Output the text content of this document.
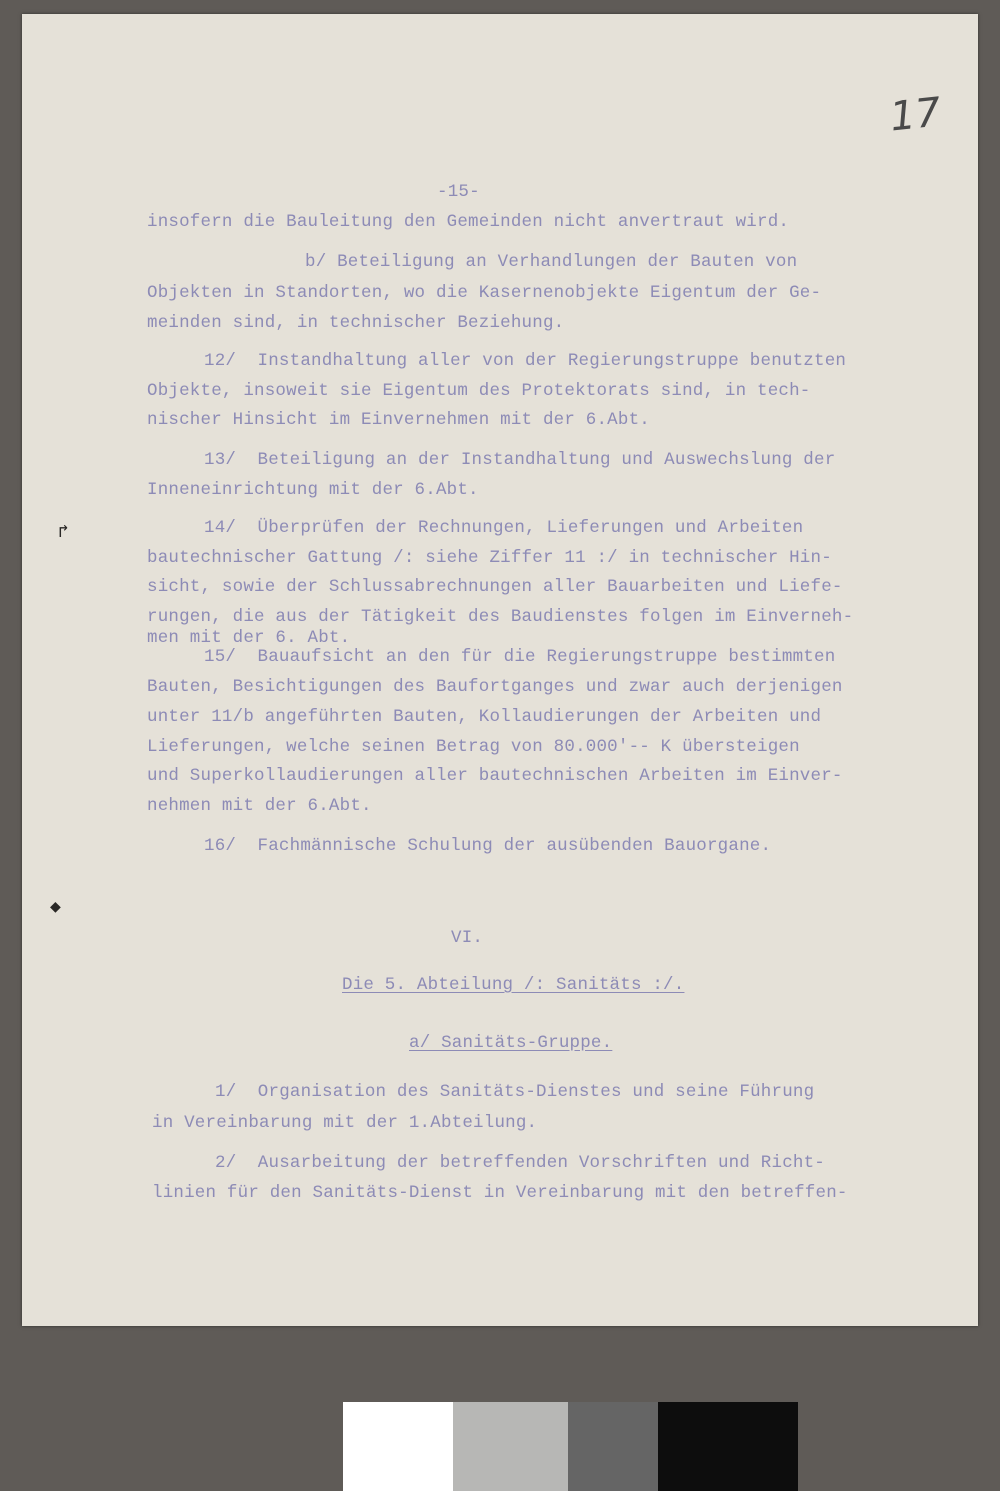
17
-15-
insofern die Bauleitung den Gemeinden nicht anvertraut wird.
b/ Beteiligung an Verhandlungen der Bauten von
Objekten in Standorten, wo die Kasernenobjekte Eigentum der Ge-
meinden sind, in technischer Beziehung.
12/  Instandhaltung aller von der Regierungstruppe benutzten
Objekte, insoweit sie Eigentum des Protektorats sind, in tech-
nischer Hinsicht im Einvernehmen mit der 6.Abt.
13/  Beteiligung an der Instandhaltung und Auswechslung der
Inneneinrichtung mit der 6.Abt.
14/  Überprüfen der Rechnungen, Lieferungen und Arbeiten
bautechnischer Gattung /: siehe Ziffer 11 :/ in technischer Hin-
sicht, sowie der Schlussabrechnungen aller Bauarbeiten und Liefe-
rungen, die aus der Tätigkeit des Baudienstes folgen im Einverneh-
men mit der 6. Abt.
15/  Bauaufsicht an den für die Regierungstruppe bestimmten
Bauten, Besichtigungen des Baufortganges und zwar auch derjenigen
unter 11/b angeführten Bauten, Kollaudierungen der Arbeiten und
Lieferungen, welche seinen Betrag von 80.000'-- K übersteigen
und Superkollaudierungen aller bautechnischen Arbeiten im Einver-
nehmen mit der 6.Abt.
16/  Fachmännische Schulung der ausübenden Bauorgane.
VI.
Die 5. Abteilung /: Sanitäts :/.
a/ Sanitäts-Gruppe.
1/  Organisation des Sanitäts-Dienstes und seine Führung
in Vereinbarung mit der 1.Abteilung.
2/  Ausarbeitung der betreffenden Vorschriften und Richt-
linien für den Sanitäts-Dienst in Vereinbarung mit den betreffen-
↱
◆
